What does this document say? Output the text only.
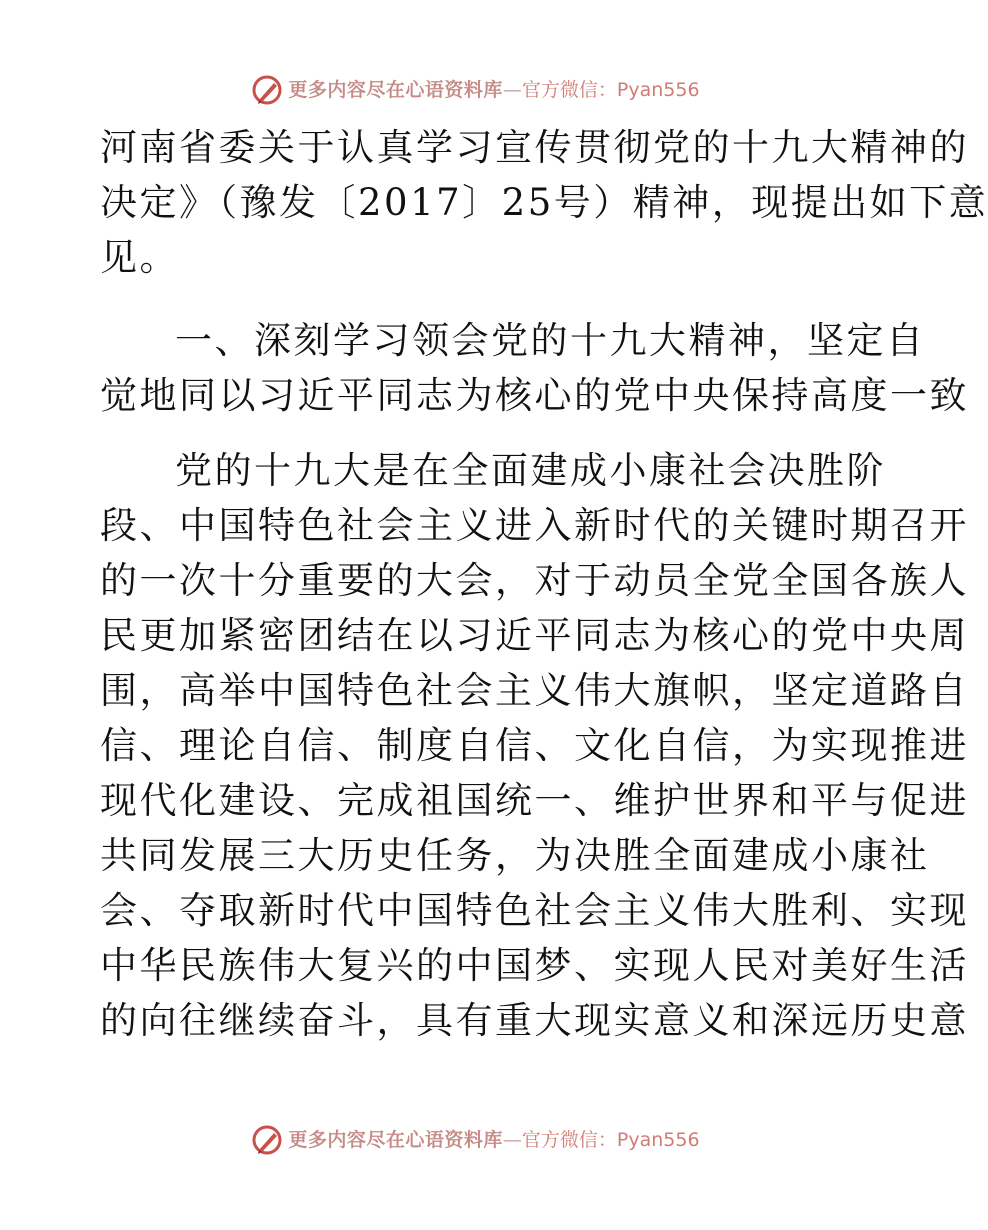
更多内容尽在心语资料库 — 官方微信：Pyan556
河南省委关于认真学习宣传贯彻党的十九大精神的
决定》（豫发〔2017〕25号）精神，现提出如下意
见。
一、深刻学习领会党的十九大精神，坚定自
觉地同以习近平同志为核心的党中央保持高度一致
党的十九大是在全面建成小康社会决胜阶
段、中国特色社会主义进入新时代的关键时期召开
的一次十分重要的大会，对于动员全党全国各族人
民更加紧密团结在以习近平同志为核心的党中央周
围，高举中国特色社会主义伟大旗帜，坚定道路自
信、理论自信、制度自信、文化自信，为实现推进
现代化建设、完成祖国统一、维护世界和平与促进
共同发展三大历史任务，为决胜全面建成小康社
会、夺取新时代中国特色社会主义伟大胜利、实现
中华民族伟大复兴的中国梦、实现人民对美好生活
的向往继续奋斗，具有重大现实意义和深远历史意
更多内容尽在心语资料库 — 官方微信：Pyan556
